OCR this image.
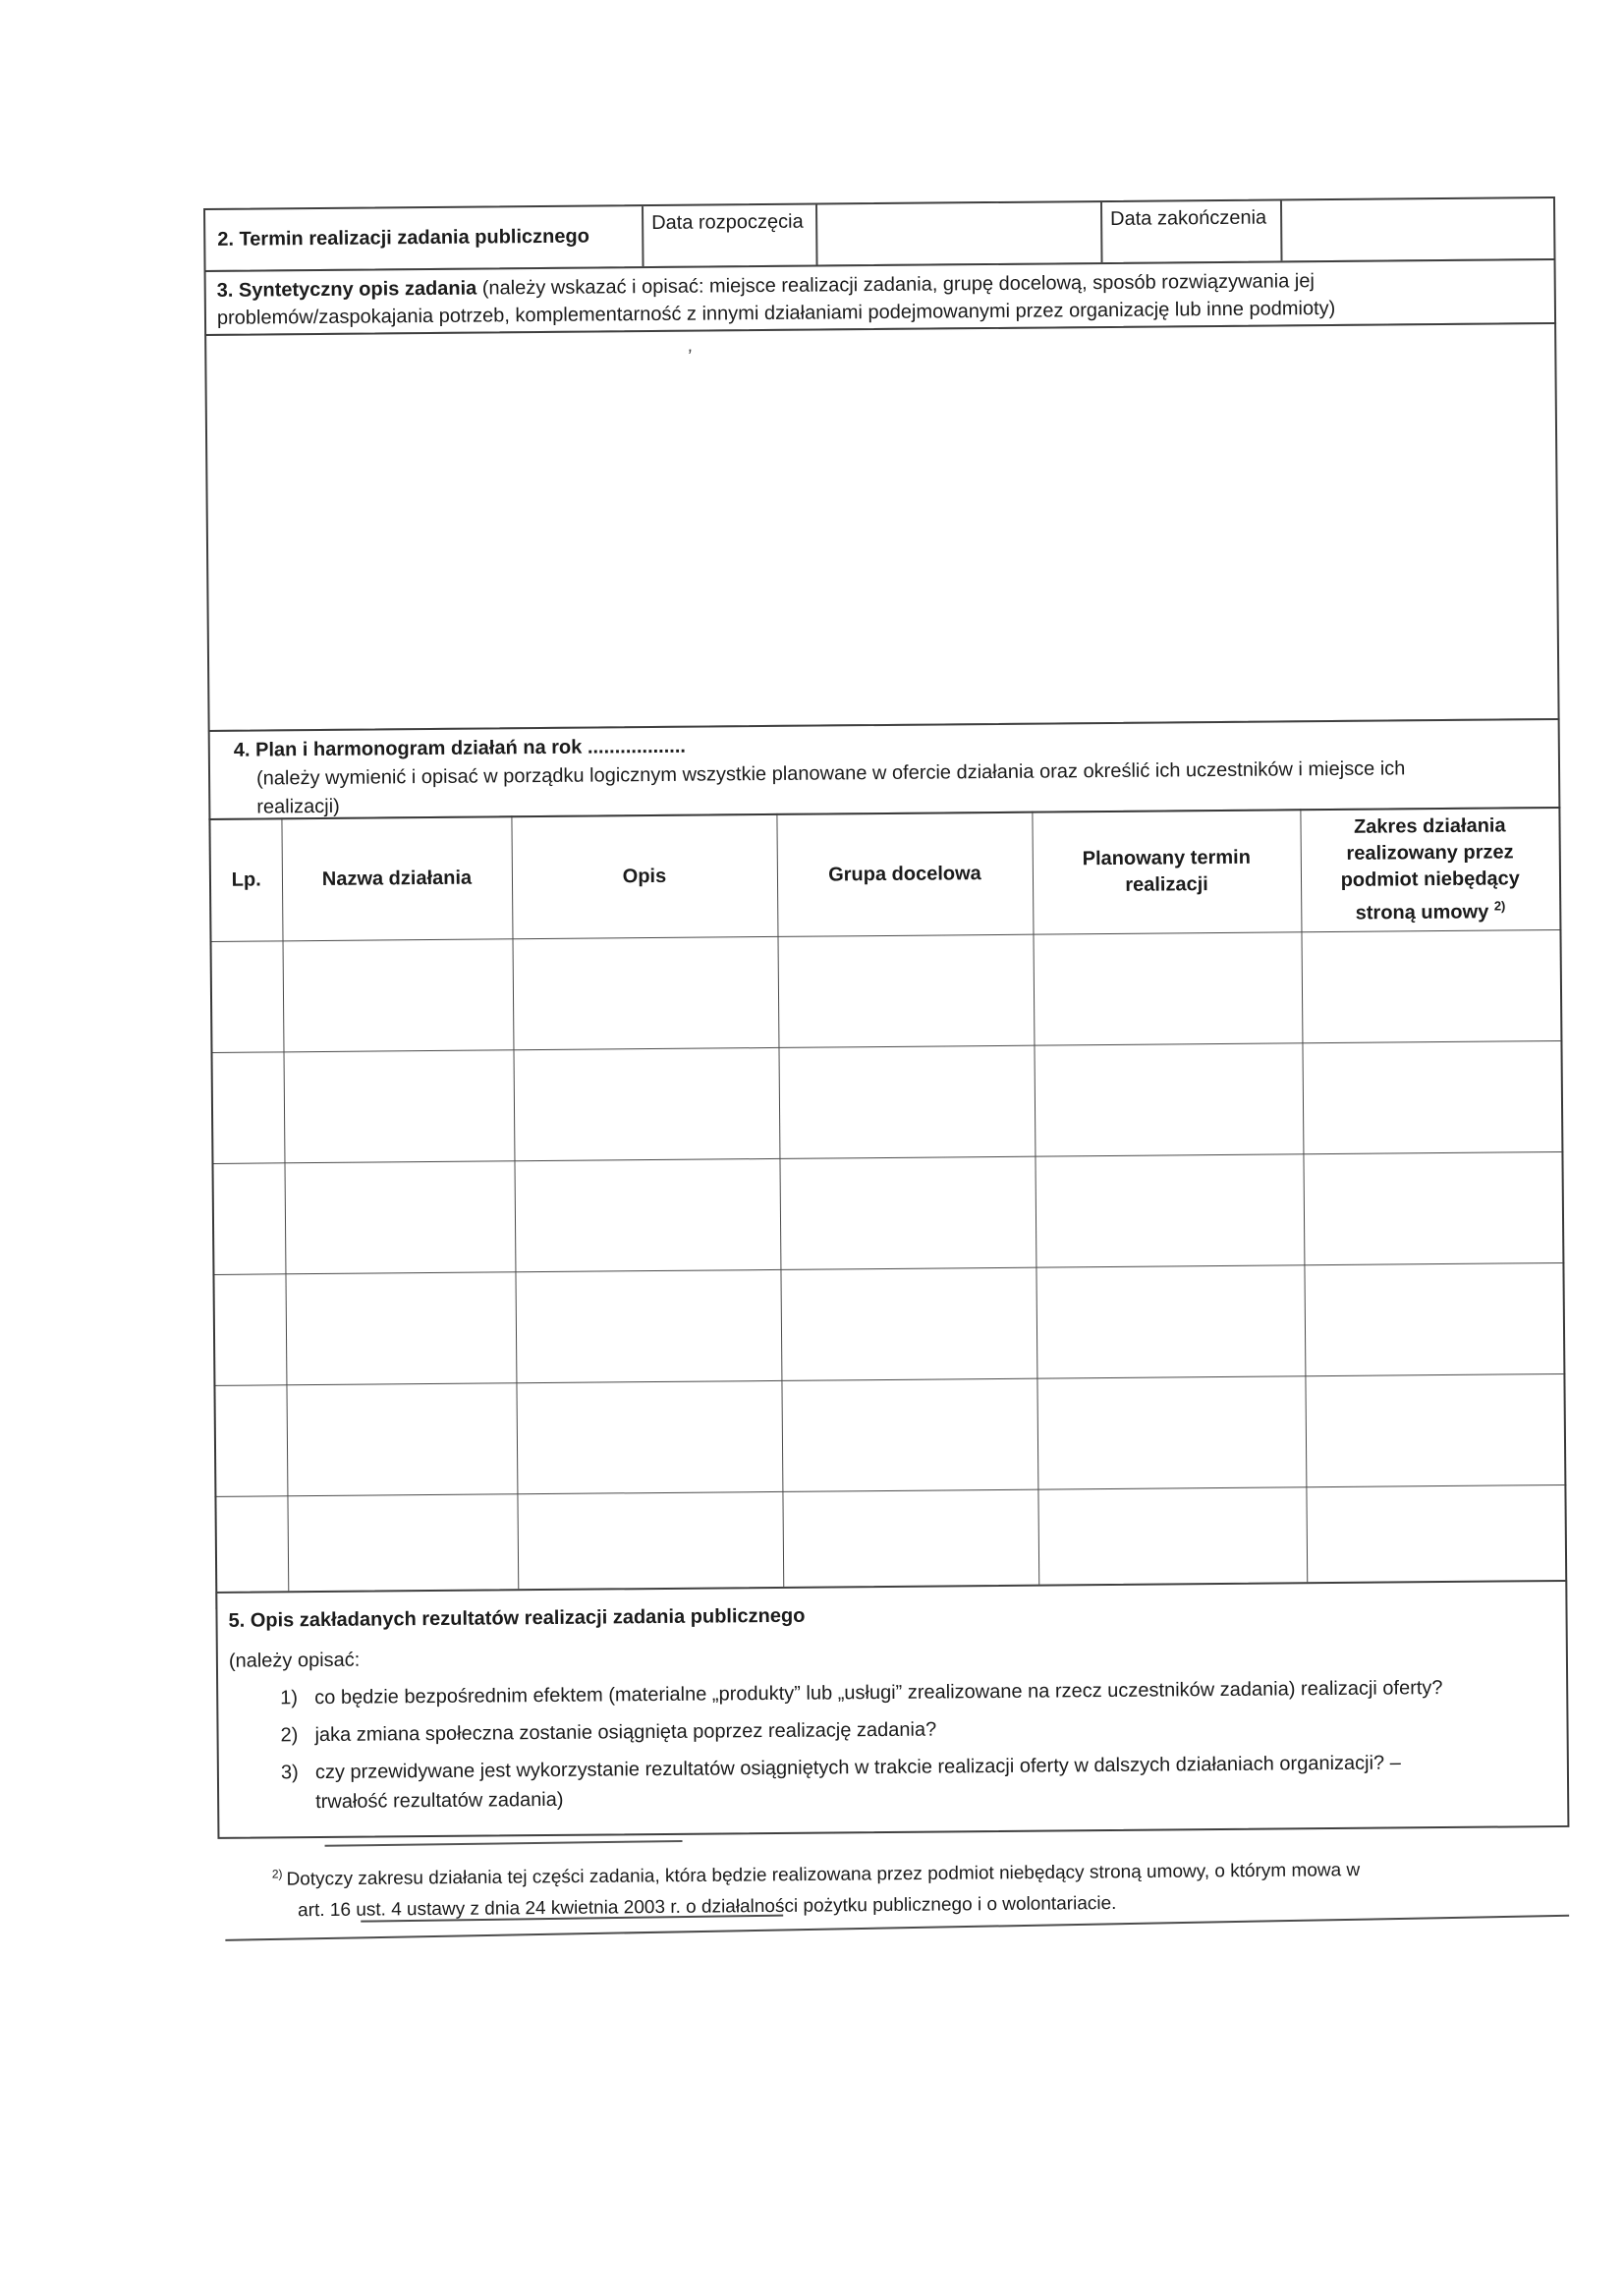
2. Termin realizacji zadania publicznego
Data rozpoczęcia	Data zakończenia
3. Syntetyczny opis zadania (należy wskazać i opisać: miejsce realizacji zadania, grupę docelową, sposób rozwiązywania jej
problemów/zaspokajania potrzeb, komplementarność z innymi działaniami podejmowanymi przez organizację lub inne podmioty)
,
4. Plan i harmonogram działań na rok ..................
(należy wymienić i opisać w porządku logicznym wszystkie planowane w ofercie działania oraz określić ich uczestników i miejsce ich
realizacji)
Lp.	Nazwa działania	Opis	Grupa docelowa	Planowany termin realizacji	Zakres działania realizowany przez podmiot niebędący stroną umowy $^{2)}$

5. Opis zakładanych rezultatów realizacji zadania publicznego
(należy opisać:
1) co będzie bezpośrednim efektem (materialne „produkty” lub „usługi” zrealizowane na rzecz uczestników zadania) realizacji oferty?
2) jaka zmiana społeczna zostanie osiągnięta poprzez realizację zadania?
3) czy przewidywane jest wykorzystanie rezultatów osiągniętych w trakcie realizacji oferty w dalszych działaniach organizacji? –
trwałość rezultatów zadania)
$^{2)}$ Dotyczy zakresu działania tej części zadania, która będzie realizowana przez podmiot niebędący stroną umowy, o którym mowa w
art. 16 ust. 4 ustawy z dnia 24 kwietnia 2003 r. o działalności pożytku publicznego i o wolontariacie.
